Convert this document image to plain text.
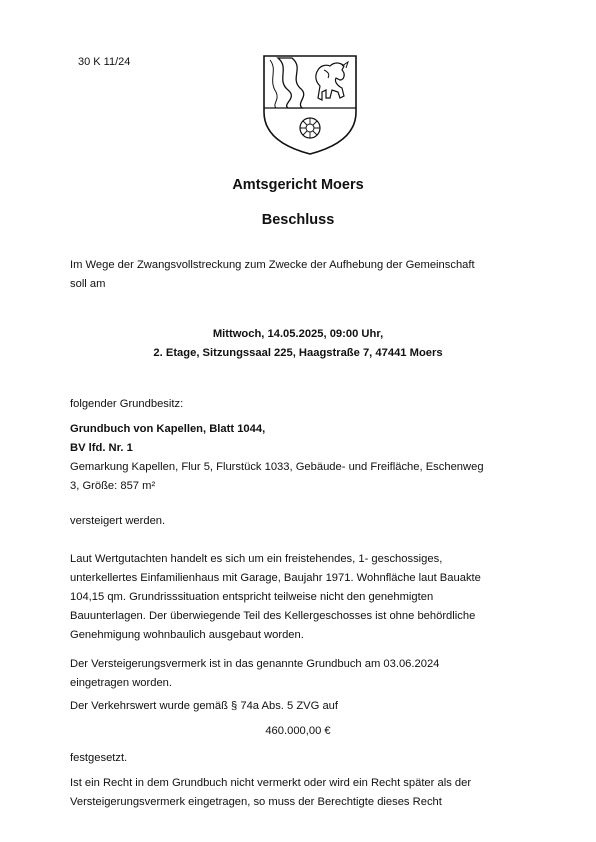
30 K 11/24
Amtsgericht Moers
Beschluss
Im Wege der Zwangsvollstreckung zum Zwecke der Aufhebung der Gemeinschaft
soll am
Mittwoch, 14.05.2025, 09:00 Uhr,
2. Etage, Sitzungssaal 225, Haagstraße 7, 47441 Moers
folgender Grundbesitz:
Grundbuch von Kapellen, Blatt 1044,
BV lfd. Nr. 1
Gemarkung Kapellen, Flur 5, Flurstück 1033, Gebäude- und Freifläche, Eschenweg
3, Größe: 857 m²
versteigert werden.
Laut Wertgutachten handelt es sich um ein freistehendes, 1- geschossiges,
unterkellertes Einfamilienhaus mit Garage, Baujahr 1971. Wohnfläche laut Bauakte
104,15 qm. Grundrisssituation entspricht teilweise nicht den genehmigten
Bauunterlagen. Der überwiegende Teil des Kellergeschosses ist ohne behördliche
Genehmigung wohnbaulich ausgebaut worden.
Der Versteigerungsvermerk ist in das genannte Grundbuch am 03.06.2024
eingetragen worden.
Der Verkehrswert wurde gemäß § 74a Abs. 5 ZVG auf
460.000,00 €
festgesetzt.
Ist ein Recht in dem Grundbuch nicht vermerkt oder wird ein Recht später als der
Versteigerungsvermerk eingetragen, so muss der Berechtigte dieses Recht
